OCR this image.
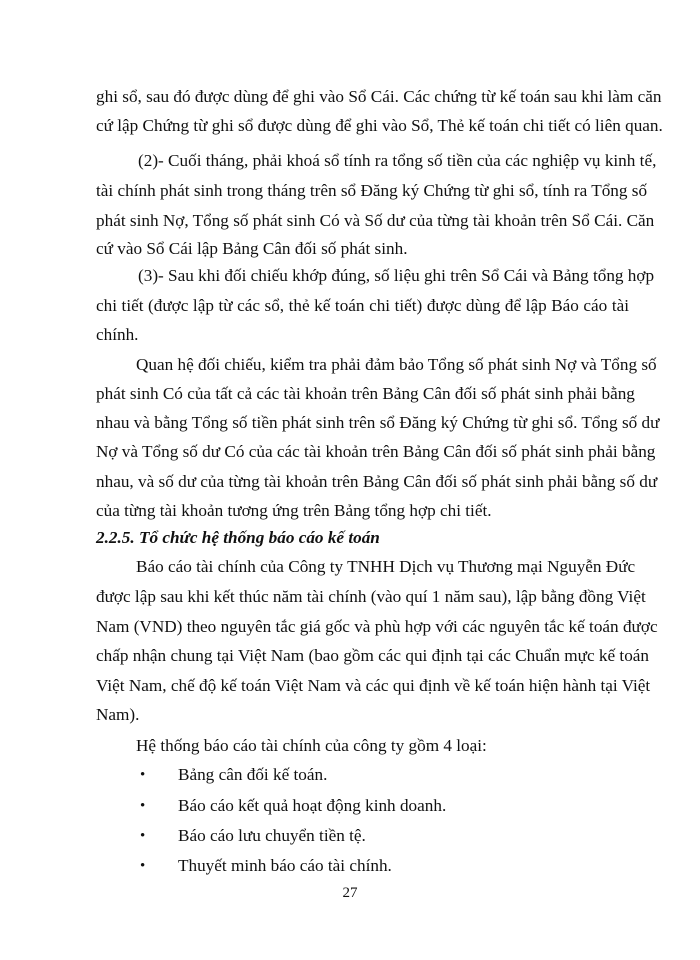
ghi sổ, sau đó được dùng để ghi vào Sổ Cái. Các chứng từ kế toán sau khi làm căn
cứ lập Chứng từ ghi sổ được dùng để ghi vào Sổ, Thẻ kế toán chi tiết có liên quan.
(2)- Cuối tháng, phải khoá sổ tính ra tổng số tiền của các nghiệp vụ kinh tế,
tài chính phát sinh trong tháng trên sổ Đăng ký Chứng từ ghi sổ, tính ra Tổng số
phát sinh Nợ, Tổng số phát sinh Có và Số dư của từng tài khoản trên Sổ Cái. Căn
cứ vào Sổ Cái lập Bảng Cân đối số phát sinh.
(3)- Sau khi đối chiếu khớp đúng, số liệu ghi trên Sổ Cái và Bảng tổng hợp
chi tiết (được lập từ các sổ, thẻ kế toán chi tiết) được dùng để lập Báo cáo tài
chính.
Quan hệ đối chiếu, kiểm tra phải đảm bảo Tổng số phát sinh Nợ và Tổng số
phát sinh Có của tất cả các tài khoản trên Bảng Cân đối số phát sinh phải bằng
nhau và bằng Tổng số tiền phát sinh trên sổ Đăng ký Chứng từ ghi sổ. Tổng số dư
Nợ và Tổng số dư Có của các tài khoản trên Bảng Cân đối số phát sinh phải bằng
nhau, và số dư của từng tài khoản trên Bảng Cân đối số phát sinh phải bằng số dư
của từng tài khoản tương ứng trên Bảng tổng hợp chi tiết.
2.2.5. Tổ chức hệ thống báo cáo kế toán
Báo cáo tài chính của Công ty TNHH Dịch vụ Thương mại Nguyễn Đức
được lập sau khi kết thúc năm tài chính (vào quí 1 năm sau), lập bằng đồng Việt
Nam (VND) theo nguyên tắc giá gốc và phù hợp với các nguyên tắc kế toán được
chấp nhận chung tại Việt Nam (bao gồm các qui định tại các Chuẩn mực kế toán
Việt Nam, chế độ kế toán Việt Nam và các qui định về kế toán hiện hành tại Việt
Nam).
Hệ thống báo cáo tài chính của công ty gồm 4 loại:
• Bảng cân đối kế toán.
• Báo cáo kết quả hoạt động kinh doanh.
• Báo cáo lưu chuyển tiền tệ.
• Thuyết minh báo cáo tài chính.
27
